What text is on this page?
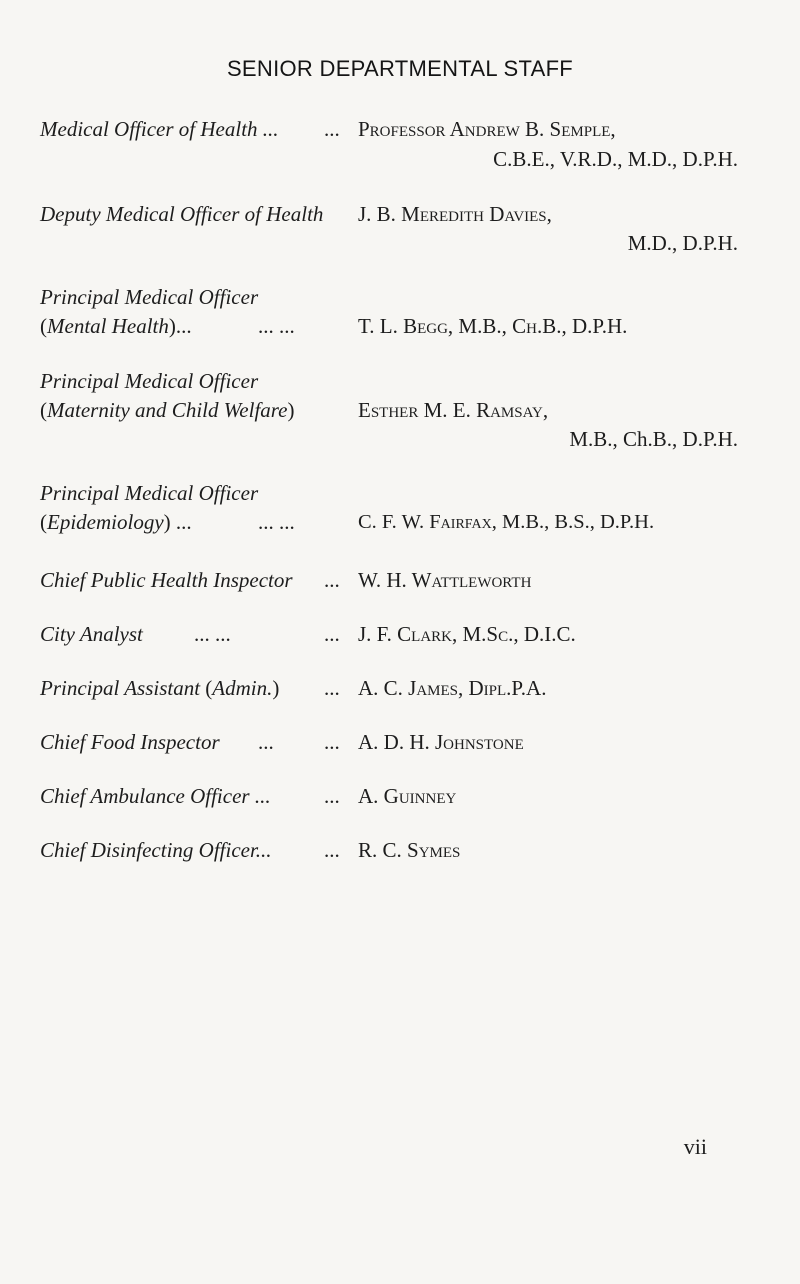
SENIOR DEPARTMENTAL STAFF
Medical Officer of Health ... ... Professor Andrew B. Semple,
C.B.E., V.R.D., M.D., D.P.H.
Deputy Medical Officer of Health J. B. Meredith Davies,
M.D., D.P.H.
Principal Medical Officer
(Mental Health)...	... ...	T. L. Begg, M.B., Ch.B., D.P.H.
Principal Medical Officer
(Maternity and Child Welfare)	Esther M. E. Ramsay,
M.B., Ch.B., D.P.H.
Principal Medical Officer
(Epidemiology) ...	... ...	C. F. W. Fairfax, M.B., B.S., D.P.H.
Chief Public Health Inspector ... W. H. Wattleworth
City Analyst ... ...	... J. F. Clark, M.Sc., D.I.C.
Principal Assistant (Admin.) ... A. C. James, Dipl.P.A.
Chief Food Inspector ... ... A. D. H. Johnstone
Chief Ambulance Officer ...	... A. Guinney
Chief Disinfecting Officer... ... R. C. Symes
vii
